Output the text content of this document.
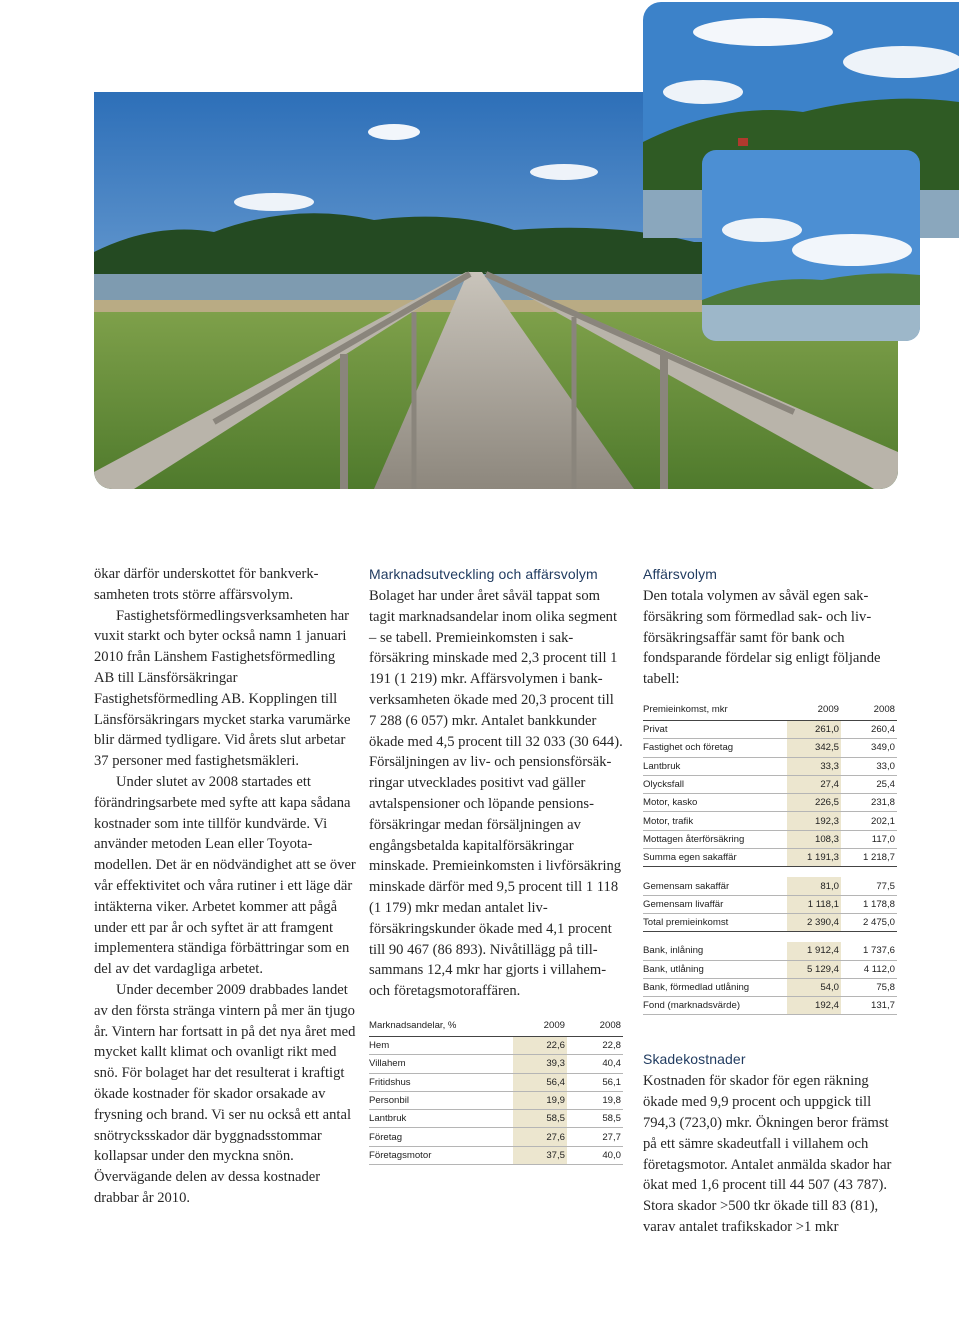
ökar därför underskottet för bankverksamheten trots större affärsvolym.

Fastighetsförmedlingsverksamheten har vuxit starkt och byter också namn 1 januari 2010 från Länshem Fastighetsförmedling AB till Länsförsäkringar Fastighetsförmedling AB. Kopplingen till Länsförsäkringars mycket starka varumärke blir därmed tydligare. Vid årets slut arbetar 37 personer med fastighetsmäkleri.

Under slutet av 2008 startades ett förändringsarbete med syfte att kapa sådana kostnader som inte tillför kundvärde. Vi använder metoden Lean eller Toyota-modellen. Det är en nödvändighet att se över vår effektivitet och våra rutiner i ett läge där intäkterna viker. Arbetet kommer att pågå under ett par år och syftet är att framgent implementera ständiga förbättringar som en del av det vardagliga arbetet.

Under december 2009 drabbades landet av den första stränga vintern på mer än tjugo år. Vintern har fortsatt in på det nya året med mycket kallt klimat och ovanligt rikt med snö. För bolaget har det resulterat i kraftigt ökade kostnader för skador orsakade av frysning och brand. Vi ser nu också ett antal snötrycksskador där byggnadsstommar kollapsar under den myckna snön. Övervägande delen av dessa kostnader drabbar år 2010.

Marknadsutveckling och affärsvolym

Bolaget har under året såväl tappat som tagit marknadsandelar inom olika segment – se tabell. Premieinkomsten i sakförsäkring minskade med 2,3 procent till 1 191 (1 219) mkr. Affärsvolymen i bankverksamheten ökade med 20,3 procent till 7 288 (6 057) mkr. Antalet bankkunder ökade med 4,5 procent till 32 033 (30 644). Försäljningen av liv- och pensionsförsäkringar utvecklades positivt vad gäller avtalspensioner och löpande pensionsförsäkringar medan försäljningen av engångsbetalda kapitalförsäkringar minskade. Premieinkomsten i livförsäkring minskade därför med 9,5 procent till 1 118 (1 179) mkr medan antalet livförsäkringskunder ökade med 4,1 procent till 90 467 (86 893). Nivåtillägg på tillsammans 12,4 mkr har gjorts i villahem- och företagsmotoraffären.

Marknadsandelar, %	2009	2008
Hem	22,6	22,8
Villahem	39,3	40,4
Fritidshus	56,4	56,1
Personbil	19,9	19,8
Lantbruk	58,5	58,5
Företag	27,6	27,7
Företagsmotor	37,5	40,0
Affärsvolym

Den totala volymen av såväl egen sakförsäkring som förmedlad sak- och livförsäkringsaffär samt för bank och fondsparande fördelar sig enligt följande tabell:

Premieinkomst, mkr	2009	2008
Privat	261,0	260,4
Fastighet och företag	342,5	349,0
Lantbruk	33,3	33,0
Olycksfall	27,4	25,4
Motor, kasko	226,5	231,8
Motor, trafik	192,3	202,1
Mottagen återförsäkring	108,3	117,0
Summa egen sakaffär	1 191,3	1 218,7

Gemensam sakaffär	81,0	77,5
Gemensam livaffär	1 118,1	1 178,8
Total premieinkomst	2 390,4	2 475,0

Bank, inlåning	1 912,4	1 737,6
Bank, utlåning	5 129,4	4 112,0
Bank, förmedlad utlåning	54,0	75,8
Fond (marknadsvärde)	192,4	131,7
Skadekostnader

Kostnaden för skador för egen räkning ökade med 9,9 procent och uppgick till 794,3 (723,0) mkr. Ökningen beror främst på ett sämre skadeutfall i villahem och företagsmotor. Antalet anmälda skador har ökat med 1,6 procent till 44 507 (43 787). Stora skador >500 tkr ökade till 83 (81), varav antalet trafikskador >1 mkr
